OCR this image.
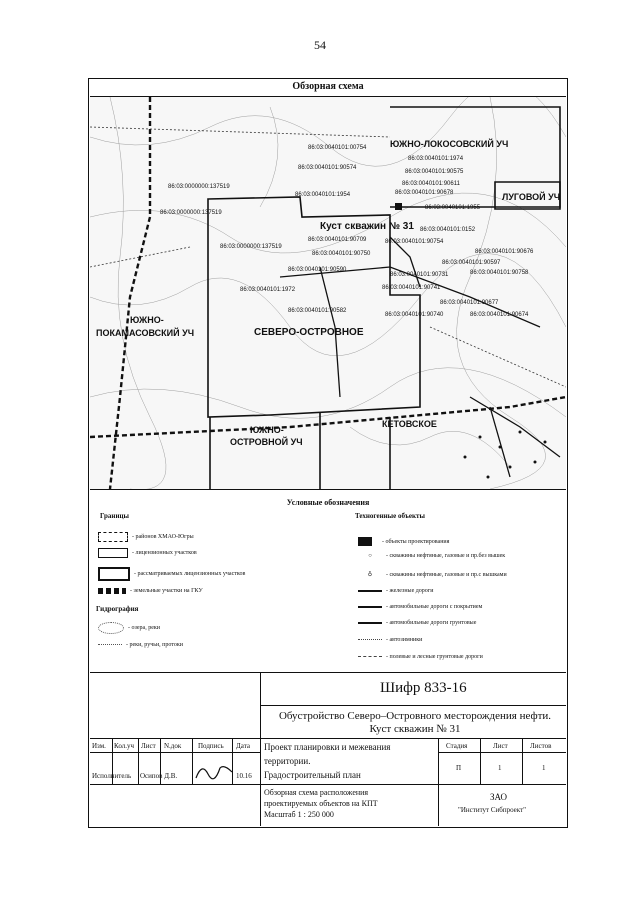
54
Обзорная схема
ЮЖНО-ЛОКОСОВСКИЙ УЧ
ЛУГОВОЙ УЧ
Куст скважин № 31
ЮЖНО-
ПОКАМАСОВСКИЙ УЧ	СЕВЕРО-ОСТРОВНОЕ
ЮЖНО-
ОСТРОВНОЙ УЧ
КЕТОВСКОЕ
86:03:0040101:00754
86:03:0040101:1974
86:03:0040101:90574
86:03:0040101:90575
86:03:0040101:90611
86:03:0000000:137519
86:03:0040101:1954	86:03:0040101:90678
86:03:0040101:1955
86:03:0000000:137519
86:03:0040101:0152
86:03:0040101:90709	86:03:0040101:90754
86:03:0000000:137519
86:03:0040101:90750	86:03:0040101:90676
86:03:0040101:90597
86:03:0040101:90590
86:03:0040101:90731	86:03:0040101:90758
86:03:0040101:1972	86:03:0040101:90741
86:03:0040101:90677
86:03:0040101:90582
86:03:0040101:90740	86:03:0040101:90674
Условные обозначения
Границы
- районов ХМАО-Югры
- лицензионных участков
- рассматриваемых лицензионных участков
- земельные участки на ГКУ
Гидрография
- озера, реки
- реки, ручьи, протоки
Техногенные объекты
- объекты проектирования
○	- скважины нефтяные, газовые и пр.без вышек
♁	- скважины нефтяные, газовые и пр.с вышками
- железные дороги
- автомобильные дороги с покрытием
- автомобильные дороги грунтовые
- автозимники
- полевые и лесные грунтовые дороги
Шифр 833-16
Обустройство Северо–Островного месторождения нефти. Куст скважин № 31
Изм. Кол.уч Лист N.док Подпись Дата
Исполнитель Осипов Д.В.	10.16
Проект планировки и межевания
территории.
Градостроительный план
Стадия	Лист	Листов
П	1	1
Обзорная схема расположения
проектируемых объектов на КПТ
Масштаб 1 : 250 000
ЗАО
"Институт Сибпроект"
